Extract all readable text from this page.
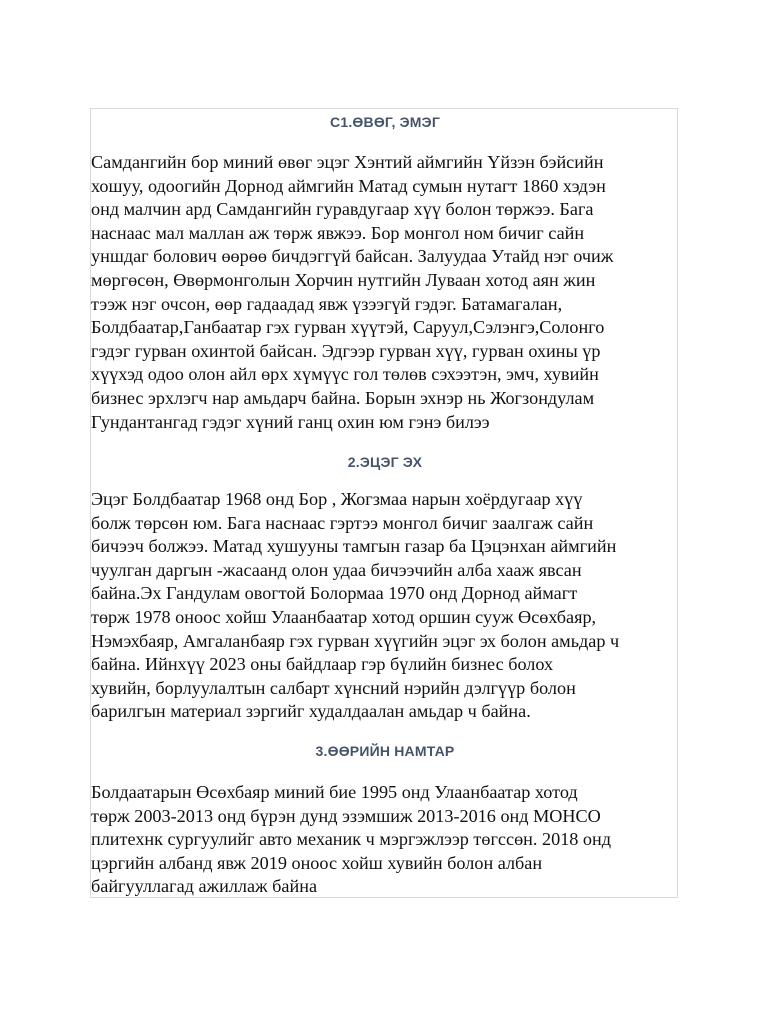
С1.ӨВӨГ, ЭМЭГ
Самдангийн бор миний өвөг эцэг Хэнтий аймгийн Үйзэн бэйсийн
хошуу, одоогийн Дорнод аймгийн Матад сумын нутагт 1860 хэдэн
онд малчин ард Самдангийн гуравдугаар хүү болон төржээ. Бага
наснаас мал маллан аж төрж явжээ. Бор монгол ном бичиг сайн
уншдаг болович өөрөө бичдэггүй байсан. Залуудаа Утайд нэг очиж
мөргөсөн, Өвөрмонголын Хорчин нутгийн Луваан хотод аян жин
тээж нэг очсон, өөр гадаадад явж үзээгүй гэдэг. Батамагалан,
Болдбаатар,Ганбаатар гэх гурван хүүтэй, Саруул,Сэлэнгэ,Солонго
гэдэг гурван охинтой байсан. Эдгээр гурван хүү, гурван охины үр
хүүхэд одоо олон айл өрх хүмүүс гол төлөв сэхээтэн, эмч, хувийн
бизнес эрхлэгч нар амьдарч байна. Борын эхнэр нь Жогзондулам
Гундантангад гэдэг хүний ганц охин юм гэнэ билээ
2.ЭЦЭГ ЭХ
Эцэг Болдбаатар 1968 онд Бор , Жогзмаа нарын хоёрдугаар хүү
болж төрсөн юм. Бага наснаас гэртээ монгол бичиг заалгаж сайн
бичээч болжээ. Матад хушууны тамгын газар ба Цэцэнхан аймгийн
чуулган даргын -жасаанд олон удаа бичээчийн алба хааж явсан
байна.Эх Гандулам овогтой Болормаа 1970 онд Дорнод аймагт
төрж 1978 оноос хойш Улаанбаатар хотод оршин сууж Өсөхбаяр,
Нэмэхбаяр, Амгаланбаяр гэх гурван хүүгийн эцэг эх болон амьдар ч
байна. Ийнхүү 2023 оны байдлаар гэр бүлийн бизнес болох
хувийн, борлуулалтын салбарт хүнсний нэрийн дэлгүүр болон
барилгын материал зэргийг худалдаалан амьдар ч байна.
3.ӨӨРИЙН НАМТАР
Болдаатарын Өсөхбаяр миний бие 1995 онд Улаанбаатар хотод
төрж 2003-2013 онд бүрэн дунд эзэмшиж 2013-2016 онд МОНСО
плитехнк сургуулийг авто механик ч мэргэжлээр төгссөн. 2018 онд
цэргийн албанд явж 2019 оноос хойш хувийн болон албан
байгууллагад ажиллаж байна
